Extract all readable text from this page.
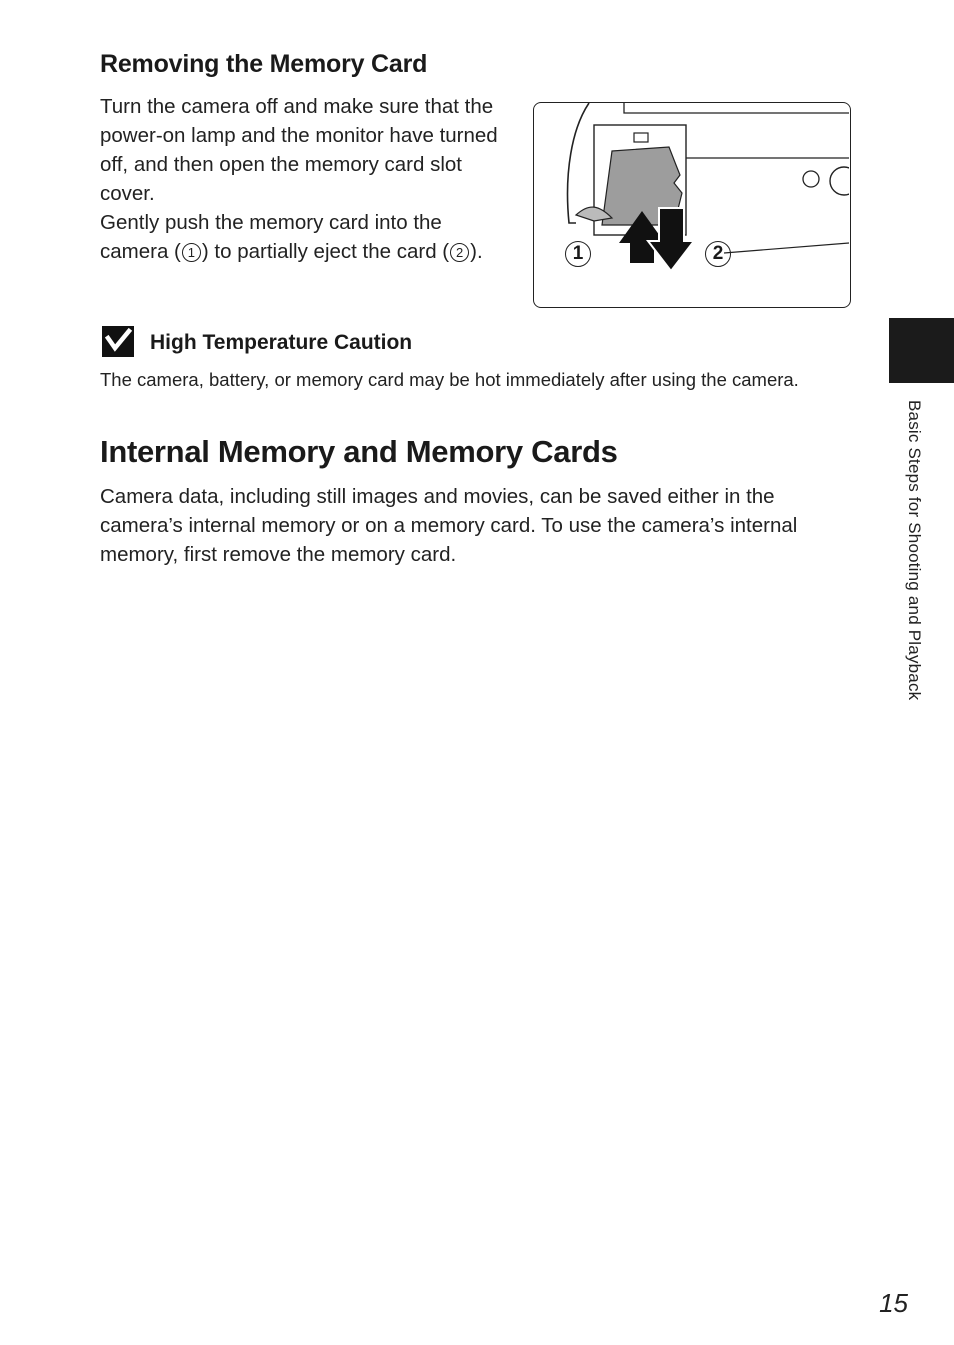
Removing the Memory Card

Turn the camera off and make sure that the power-on lamp and the monitor have turned off, and then open the memory card slot cover.

Gently push the memory card into the camera ( 1 ) to partially eject the card ( 2 ).	1	2
High Temperature Caution

The camera, battery, or memory card may be hot immediately after using the camera.

Internal Memory and Memory Cards

Camera data, including still images and movies, can be saved either in the camera’s internal memory or on a memory card. To use the camera’s internal memory, first remove the memory card.	Basic Steps for Shooting and Playback
15
